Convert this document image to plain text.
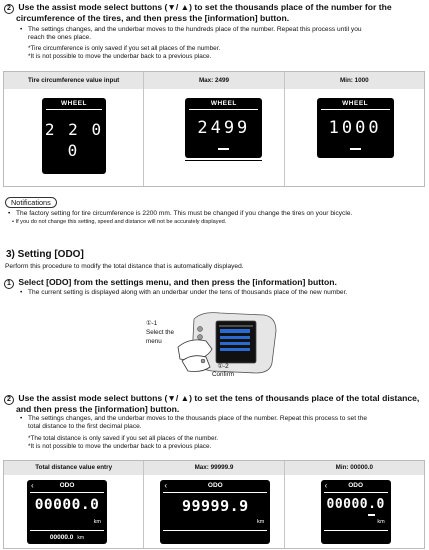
2 Use the assist mode select buttons (▼/ ▲) to set the thousands place of the number for the
circumference of the tires, and then press the [information] button.
• The settings changes, and the underbar moves to the hundreds place of the number. Repeat this process until you
reach the ones place.
*Tire circumference is only saved if you set all places of the number.
*It is not possible to move the underbar back to a previous place.
Tire circumference value input	Max: 2499	Min: 1000
WHEEL
2 2 0
0
WHEEL
2499
WHEEL
1000
Notifications
• The factory setting for tire circumference is 2200 mm. This must be changed if you change the tires on your bicycle.
• If you do not change this setting, speed and distance will not be accurately displayed.
3) Setting [ODO]
Perform this procedure to modify the total distance that is automatically displayed.
1 Select [ODO] from the settings menu, and then press the [information] button.
• The current setting is displayed along with an underbar under the tens of thousands place of the new number.
①-1
Select the
menu
①-2
Confirm
2 Use the assist mode select buttons (▼/ ▲) to set the tens of thousands place of the total distance,
and then press the [information] button.
• The settings changes, and the underbar moves to the thousands place of the number. Repeat this process to set the
total distance to the first decimal place.
*The total distance is only saved if you set all places of the number.
*It is not possible to move the underbar back to a previous place.
Total distance value entry	Max: 99999.9	Min: 00000.0
‹	ODO
00000.0
km
00000.0 km
‹	ODO
99999.9
km
‹	ODO
00000.0
km
